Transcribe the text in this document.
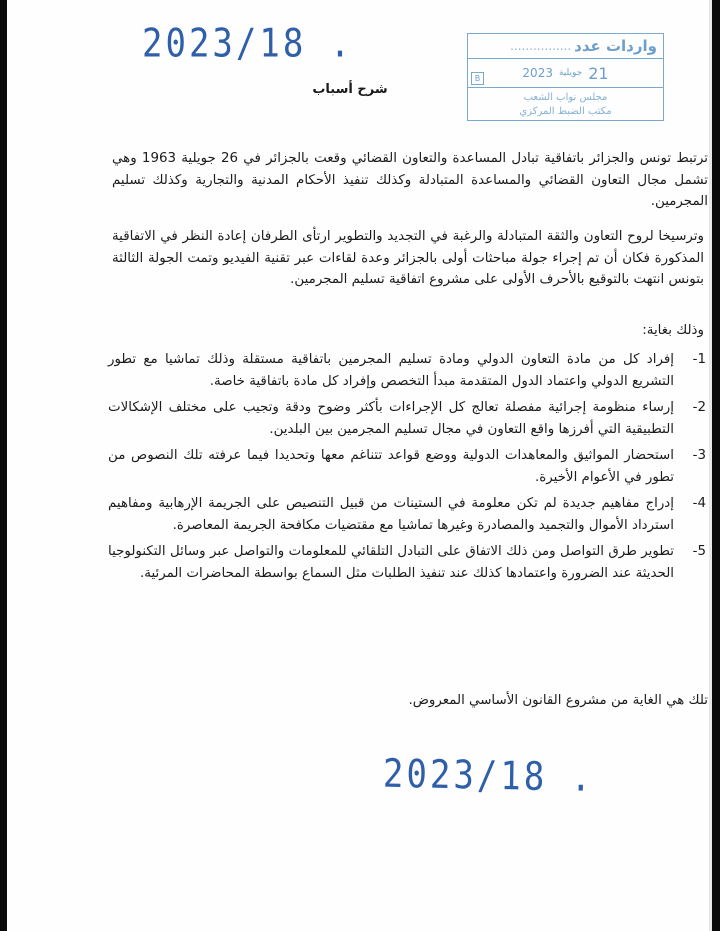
2023/18 .	واردات عدد
................
21
جويلية
2023
B
مجلس نواب الشعب
مكتب الضبط المركزي
شرح أسباب

ترتبط تونس والجزائر باتفاقية تبادل المساعدة والتعاون القضائي وقعت بالجزائر في 26 جويلية 1963 وهي تشمل مجال التعاون القضائي والمساعدة المتبادلة وكذلك تنفيذ الأحكام المدنية والتجارية وكذلك تسليم المجرمين.

وترسيخا لروح التعاون والثقة المتبادلة والرغبة في التجديد والتطوير ارتأى الطرفان إعادة النظر في الاتفاقية المذكورة فكان أن تم إجراء جولة مباحثات أولى بالجزائر وعدة لقاءات عبر تقنية الفيديو وتمت الجولة الثالثة بتونس انتهت بالتوقيع بالأحرف الأولى على مشروع اتفاقية تسليم المجرمين.

وذلك بغاية:

-1
إفراد كل من مادة التعاون الدولي ومادة تسليم المجرمين باتفاقية مستقلة وذلك تماشيا مع تطور التشريع الدولي واعتماد الدول المتقدمة مبدأ التخصص وإفراد كل مادة باتفاقية خاصة.
-2
إرساء منظومة إجرائية مفصلة تعالج كل الإجراءات بأكثر وضوح ودقة وتجيب على مختلف الإشكالات التطبيقية التي أفرزها واقع التعاون في مجال تسليم المجرمين بين البلدين.
-3
استحضار المواثيق والمعاهدات الدولية ووضع قواعد تتناغم معها وتحديدا فيما عرفته تلك النصوص من تطور في الأعوام الأخيرة.
-4
إدراج مفاهيم جديدة لم تكن معلومة في الستينات من قبيل التنصيص على الجريمة الإرهابية ومفاهيم استرداد الأموال والتجميد والمصادرة وغيرها تماشيا مع مقتضيات مكافحة الجريمة المعاصرة.
-5
تطوير طرق التواصل ومن ذلك الاتفاق على التبادل التلقائي للمعلومات والتواصل عبر وسائل التكنولوجيا الحديثة عند الضرورة واعتمادها كذلك عند تنفيذ الطلبات مثل السماع بواسطة المحاضرات المرئية.

تلك هي الغاية من مشروع القانون الأساسي المعروض.

2023/18 .
